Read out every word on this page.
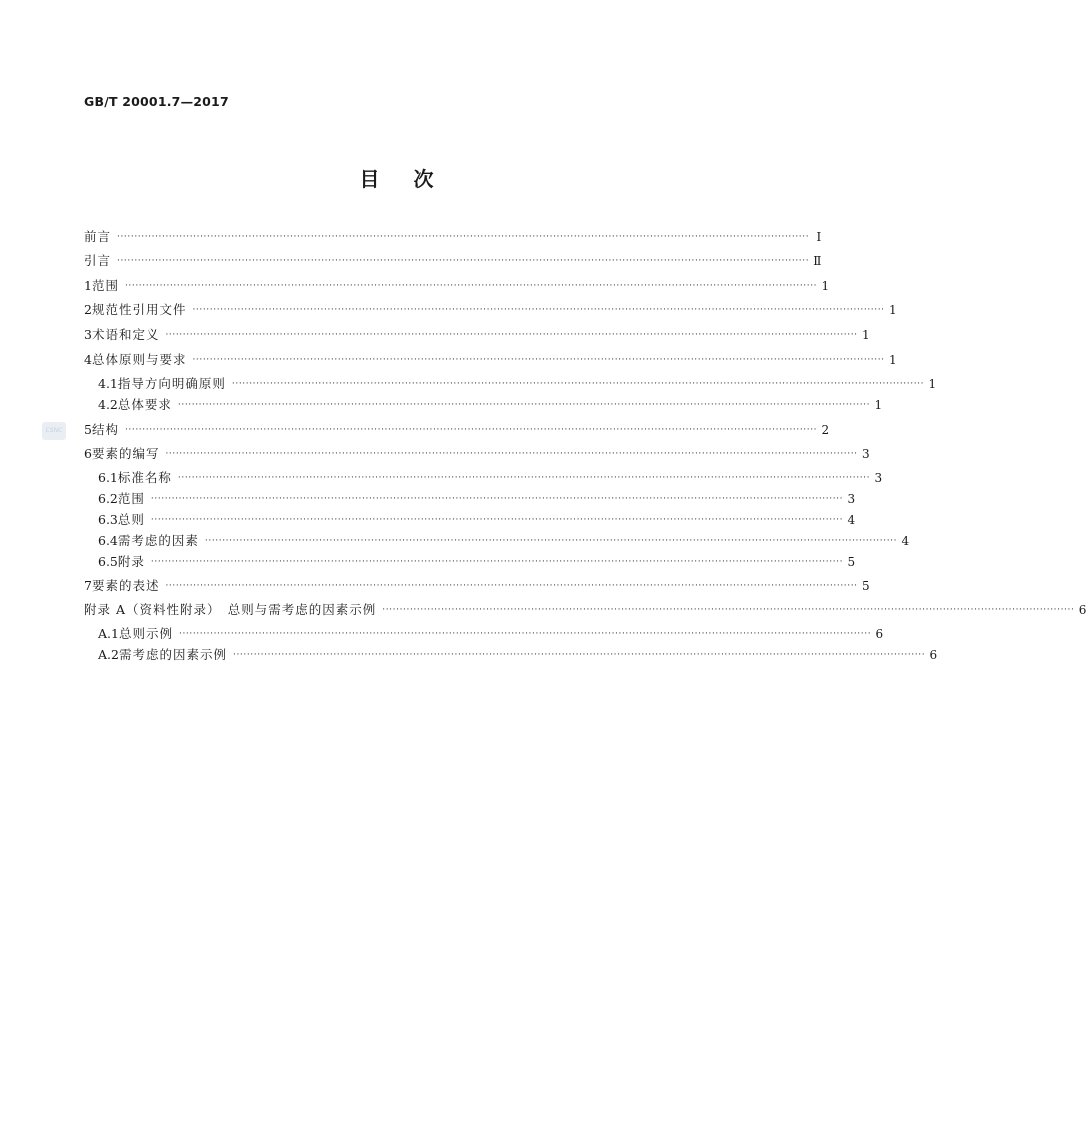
GB/T 20001.7—2017
目次
CSNC
前言 ········································································································································································································ Ⅰ
引言 ········································································································································································································ Ⅱ
1 范围 ········································································································································································································ 1
2 规范性引用文件 ········································································································································································································ 1
3 术语和定义 ········································································································································································································ 1
4 总体原则与要求 ········································································································································································································ 1
4.1 指导方向明确原则 ········································································································································································································ 1
4.2 总体要求 ········································································································································································································ 1
5 结构 ········································································································································································································ 2
6 要素的编写 ········································································································································································································ 3
6.1 标准名称 ········································································································································································································ 3
6.2 范围 ········································································································································································································ 3
6.3 总则 ········································································································································································································ 4
6.4 需考虑的因素 ········································································································································································································ 4
6.5 附录 ········································································································································································································ 5
7 要素的表述 ········································································································································································································ 5
附录 A（资料性附录）　总则与需考虑的因素示例 ········································································································································································································ 6
A.1 总则示例 ········································································································································································································ 6
A.2 需考虑的因素示例 ········································································································································································································ 6
